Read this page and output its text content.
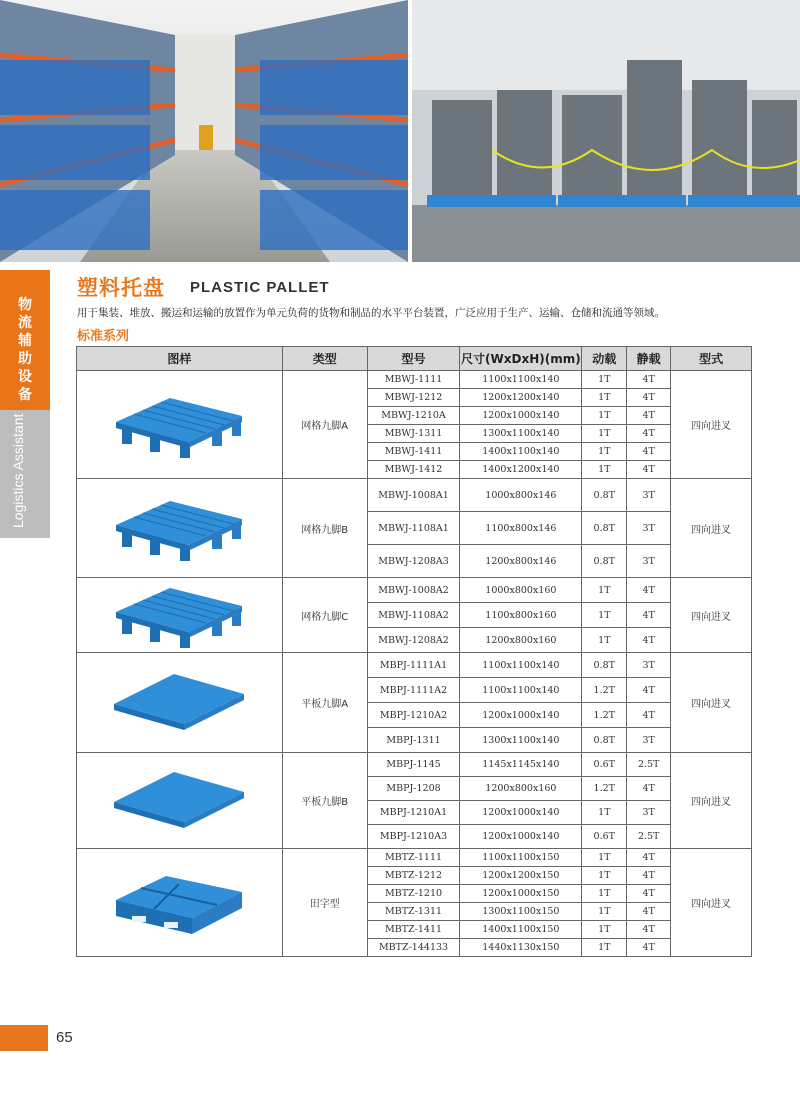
物流辅助设备
Logistics Assistant
塑料托盘 PLASTIC PALLET
用于集装、堆放、搬运和运输的放置作为单元负荷的货物和制品的水平平台装置，广泛应用于生产、运输、仓储和流通等领域。
标准系列
图样	类型	型号	尺寸(WxDxH)(mm)	动载	静载	型式

	网格九脚A	MBWJ-1111	1100x1100x140	1T	4T	四向进叉
		MBWJ-1212	1200x1200x140	1T	4T	
		MBWJ-1210A	1200x1000x140	1T	4T	
		MBWJ-1311	1300x1100x140	1T	4T	
		MBWJ-1411	1400x1100x140	1T	4T	
		MBWJ-1412	1400x1200x140	1T	4T	

	网格九脚B	MBWJ-1008A1	1000x800x146	0.8T	3T	四向进叉
		MBWJ-1108A1	1100x800x146	0.8T	3T	
		MBWJ-1208A3	1200x800x146	0.8T	3T	

	网格九脚C	MBWJ-1008A2	1000x800x160	1T	4T	四向进叉
		MBWJ-1108A2	1100x800x160	1T	4T	
		MBWJ-1208A2	1200x800x160	1T	4T	

	平板九脚A	MBPJ-1111A1	1100x1100x140	0.8T	3T	四向进叉
		MBPJ-1111A2	1100x1100x140	1.2T	4T	
		MBPJ-1210A2	1200x1000x140	1.2T	4T	
		MBPJ-1311	1300x1100x140	0.8T	3T	

	平板九脚B	MBPJ-1145	1145x1145x140	0.6T	2.5T	四向进叉
		MBPJ-1208	1200x800x160	1.2T	4T	
		MBPJ-1210A1	1200x1000x140	1T	3T	
		MBPJ-1210A3	1200x1000x140	0.6T	2.5T	

	田字型	MBTZ-1111	1100x1100x150	1T	4T	四向进叉
		MBTZ-1212	1200x1200x150	1T	4T	
		MBTZ-1210	1200x1000x150	1T	4T	
		MBTZ-1311	1300x1100x150	1T	4T	
		MBTZ-1411	1400x1100x150	1T	4T	
		MBTZ-144133	1440x1130x150	1T	4T	
65
